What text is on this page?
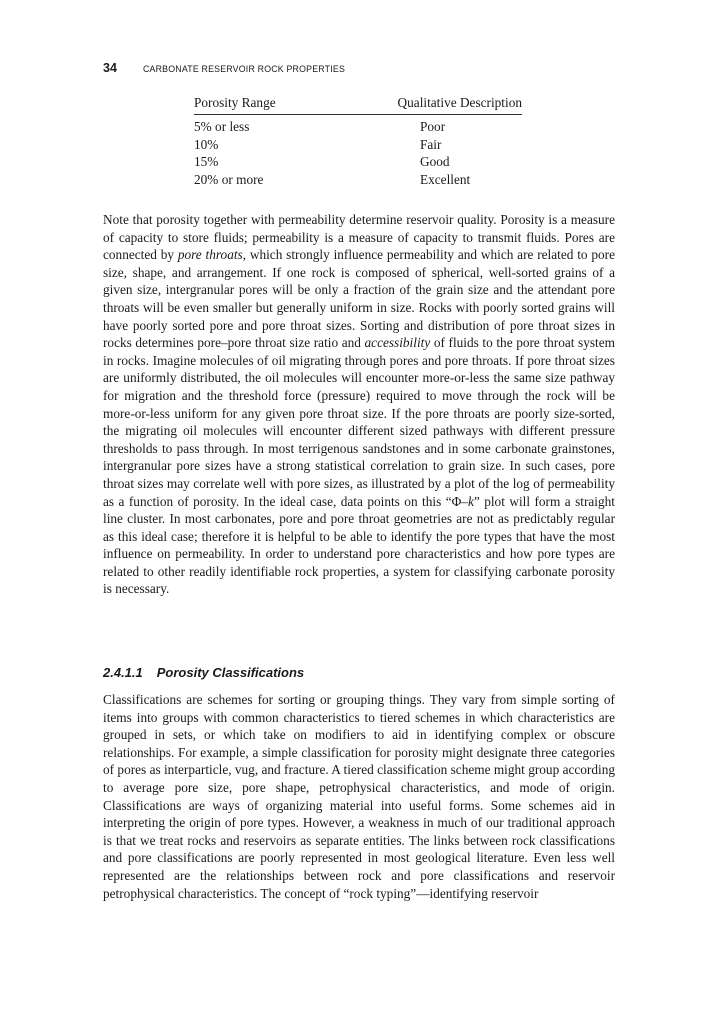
34	CARBONATE RESERVOIR ROCK PROPERTIES
Porosity Range	Qualitative Description
5% or less	Poor
10%	Fair
15%	Good
20% or more	Excellent

Note that porosity together with permeability determine reservoir quality. Porosity is a measure of capacity to store fluids; permeability is a measure of capacity to transmit fluids. Pores are connected by pore throats, which strongly influence permeability and which are related to pore size, shape, and arrangement. If one rock is composed of spherical, well-sorted grains of a given size, intergranular pores will be only a fraction of the grain size and the attendant pore throats will be even smaller but generally uniform in size. Rocks with poorly sorted grains will have poorly sorted pore and pore throat sizes. Sorting and distribution of pore throat sizes in rocks determines pore–pore throat size ratio and accessibility of fluids to the pore throat system in rocks. Imagine molecules of oil migrating through pores and pore throats. If pore throat sizes are uniformly distributed, the oil molecules will encounter more-or-less the same size pathway for migration and the threshold force (pressure) required to move through the rock will be more-or-less uniform for any given pore throat size. If the pore throats are poorly size-sorted, the migrating oil molecules will encounter different sized pathways with different pressure thresholds to pass through. In most terrigenous sandstones and in some carbonate grainstones, intergranular pore sizes have a strong statistical correlation to grain size. In such cases, pore throat sizes may correlate well with pore sizes, as illustrated by a plot of the log of permeability as a function of porosity. In the ideal case, data points on this “Φ–k” plot will form a straight line cluster. In most carbonates, pore and pore throat geometries are not as predictably regular as this ideal case; therefore it is helpful to be able to identify the pore types that have the most influence on permeability. In order to understand pore characteristics and how pore types are related to other readily identifiable rock properties, a system for classifying carbonate porosity is necessary.

2.4.1.1 Porosity Classifications

Classifications are schemes for sorting or grouping things. They vary from simple sorting of items into groups with common characteristics to tiered schemes in which characteristics are grouped in sets, or which take on modifiers to aid in identifying complex or obscure relationships. For example, a simple classification for porosity might designate three categories of pores as interparticle, vug, and fracture. A tiered classification scheme might group according to average pore size, pore shape, petrophysical characteristics, and mode of origin. Classifications are ways of organizing material into useful forms. Some schemes aid in interpreting the origin of pore types. However, a weakness in much of our traditional approach is that we treat rocks and reservoirs as separate entities. The links between rock classifications and pore classifications are poorly represented in most geological literature. Even less well represented are the relationships between rock and pore classifications and reservoir petrophysical characteristics. The concept of “rock typing”—identifying reservoir
